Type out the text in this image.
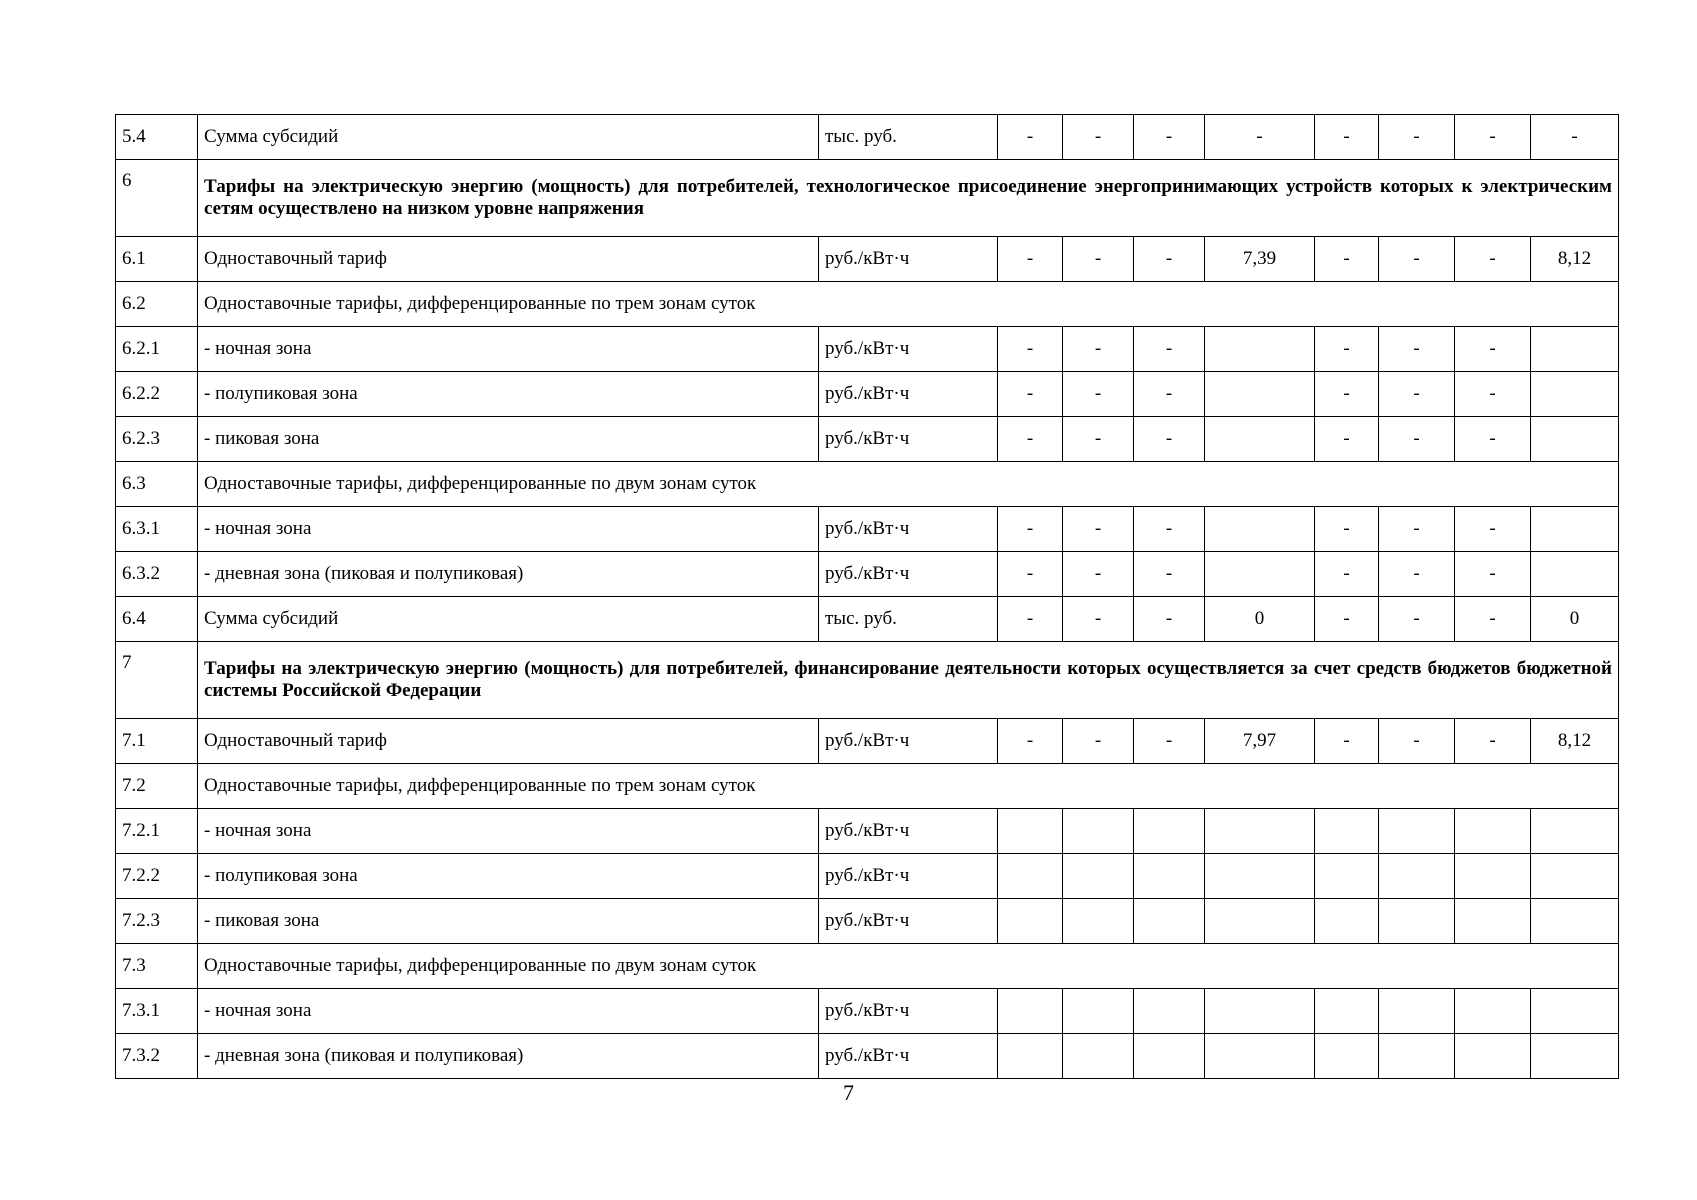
5.4	Сумма субсидий	тыс. руб.	-	-	-	-	-	-	-	-
6	Тарифы на электрическую энергию (мощность) для потребителей, технологическое присоединение энергопринимающих устройств которых к электрическим сетям осуществлено на низком уровне напряжения									
6.1	Одноставочный тариф	руб./кВт·ч	-	-	-	7,39	-	-	-	8,12
6.2	Одноставочные тарифы, дифференцированные по трем зонам суток									
6.2.1	- ночная зона	руб./кВт·ч	-	-	-		-	-	-	
6.2.2	- полупиковая зона	руб./кВт·ч	-	-	-		-	-	-	
6.2.3	- пиковая зона	руб./кВт·ч	-	-	-		-	-	-	
6.3	Одноставочные тарифы, дифференцированные по двум зонам суток									
6.3.1	- ночная зона	руб./кВт·ч	-	-	-		-	-	-	
6.3.2	- дневная зона (пиковая и полупиковая)	руб./кВт·ч	-	-	-		-	-	-	
6.4	Сумма субсидий	тыс. руб.	-	-	-	0	-	-	-	0
7	Тарифы на электрическую энергию (мощность) для потребителей, финансирование деятельности которых осуществляется за счет средств бюджетов бюджетной системы Российской Федерации									
7.1	Одноставочный тариф	руб./кВт·ч	-	-	-	7,97	-	-	-	8,12
7.2	Одноставочные тарифы, дифференцированные по трем зонам суток									
7.2.1	- ночная зона	руб./кВт·ч								
7.2.2	- полупиковая зона	руб./кВт·ч								
7.2.3	- пиковая зона	руб./кВт·ч								
7.3	Одноставочные тарифы, дифференцированные по двум зонам суток									
7.3.1	- ночная зона	руб./кВт·ч								
7.3.2	- дневная зона (пиковая и полупиковая)	руб./кВт·ч								
7
